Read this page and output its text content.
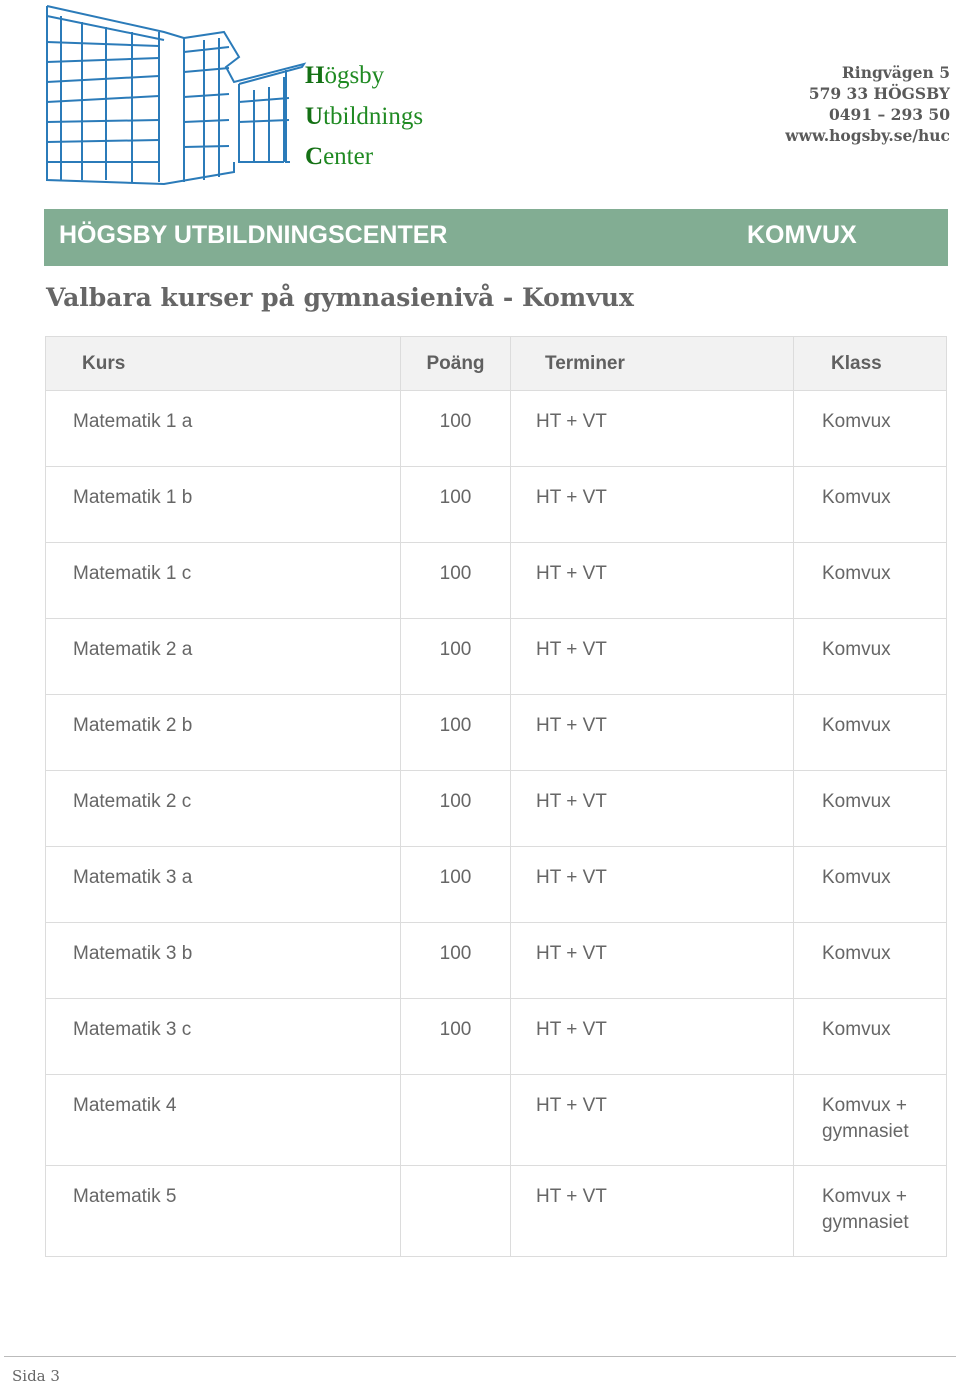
Högsby
Utbildnings
Center
Ringvägen 5
579 33 HÖGSBY
0491 – 293 50
www.hogsby.se/huc
HÖGSBY UTBILDNINGSCENTER	KOMVUX
Valbara kurser på gymnasienivå - Komvux
Kurs	Poäng	Terminer	Klass
Matematik 1 a	100	HT + VT	Komvux
Matematik 1 b	100	HT + VT	Komvux
Matematik 1 c	100	HT + VT	Komvux
Matematik 2 a	100	HT + VT	Komvux
Matematik 2 b	100	HT + VT	Komvux
Matematik 2 c	100	HT + VT	Komvux
Matematik 3 a	100	HT + VT	Komvux
Matematik 3 b	100	HT + VT	Komvux
Matematik 3 c	100	HT + VT	Komvux
Matematik 4		HT + VT	Komvux + gymnasiet
Matematik 5		HT + VT	Komvux + gymnasiet
Sida 3
